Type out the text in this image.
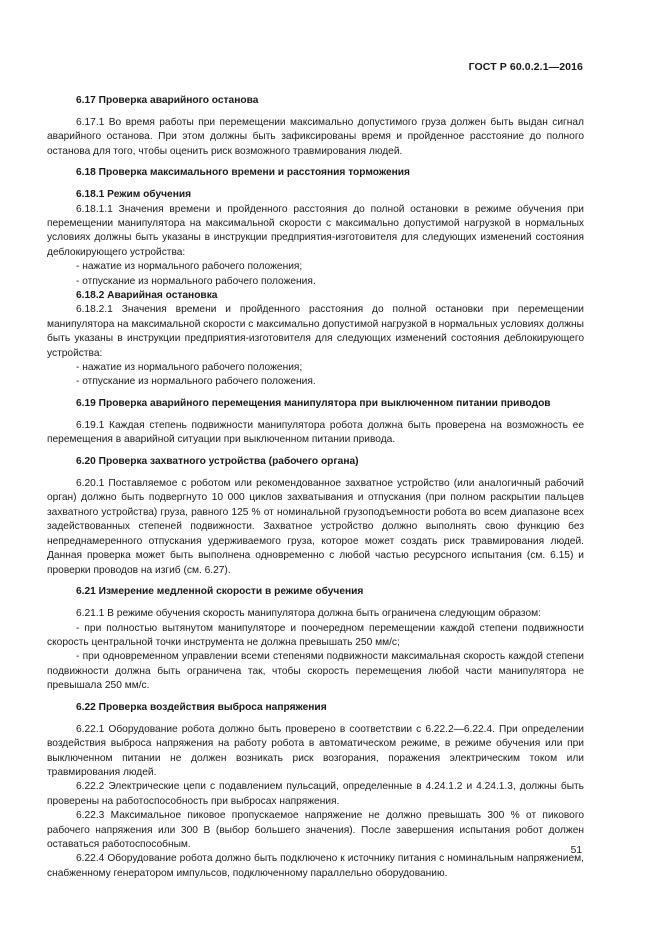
ГОСТ Р 60.0.2.1—2016

6.17 Проверка аварийного останова

6.17.1 Во время работы при перемещении максимально допустимого груза должен быть выдан сигнал аварийного останова. При этом должны быть зафиксированы время и пройденное расстояние до полного останова для того, чтобы оценить риск возможного травмирования людей.

6.18 Проверка максимального времени и расстояния торможения

6.18.1 Режим обучения

6.18.1.1 Значения времени и пройденного расстояния до полной остановки в режиме обучения при перемещении манипулятора на максимальной скорости с максимально допустимой нагрузкой в нормальных условиях должны быть указаны в инструкции предприятия-изготовителя для следующих изменений состояния деблокирующего устройства:

- нажатие из нормального рабочего положения;

- отпускание из нормального рабочего положения.

6.18.2 Аварийная остановка

6.18.2.1 Значения времени и пройденного расстояния до полной остановки при перемещении манипулятора на максимальной скорости с максимально допустимой нагрузкой в нормальных условиях должны быть указаны в инструкции предприятия-изготовителя для следующих изменений состояния деблокирующего устройства:

- нажатие из нормального рабочего положения;

- отпускание из нормального рабочего положения.

6.19 Проверка аварийного перемещения манипулятора при выключенном питании приводов

6.19.1 Каждая степень подвижности манипулятора робота должна быть проверена на возможность ее перемещения в аварийной ситуации при выключенном питании привода.

6.20 Проверка захватного устройства (рабочего органа)

6.20.1 Поставляемое с роботом или рекомендованное захватное устройство (или аналогичный рабочий орган) должно быть подвергнуто 10 000 циклов захватывания и отпускания (при полном раскрытии пальцев захватного устройства) груза, равного 125 % от номинальной грузоподъемности робота во всем диапазоне всех задействованных степеней подвижности. Захватное устройство должно выполнять свою функцию без непреднамеренного отпускания удерживаемого груза, которое может создать риск травмирования людей. Данная проверка может быть выполнена одновременно с любой частью ресурсного испытания (см. 6.15) и проверки проводов на изгиб (см. 6.27).

6.21 Измерение медленной скорости в режиме обучения

6.21.1 В режиме обучения скорость манипулятора должна быть ограничена следующим образом:

- при полностью вытянутом манипуляторе и поочередном перемещении каждой степени подвижности скорость центральной точки инструмента не должна превышать 250 мм/с;

- при одновременном управлении всеми степенями подвижности максимальная скорость каждой степени подвижности должна быть ограничена так, чтобы скорость перемещения любой части манипулятора не превышала 250 мм/с.

6.22 Проверка воздействия выброса напряжения

6.22.1 Оборудование робота должно быть проверено в соответствии с 6.22.2—6.22.4. При определении воздействия выброса напряжения на работу робота в автоматическом режиме, в режиме обучения или при выключенном питании не должен возникать риск возгорания, поражения электрическим током или травмирования людей.

6.22.2 Электрические цепи с подавлением пульсаций, определенные в 4.24.1.2 и 4.24.1.3, должны быть проверены на работоспособность при выбросах напряжения.

6.22.3 Максимальное пиковое пропускаемое напряжение не должно превышать 300 % от пикового рабочего напряжения или 300 В (выбор большего значения). После завершения испытания робот должен оставаться работоспособным.

6.22.4 Оборудование робота должно быть подключено к источнику питания с номинальным напряжением, снабженному генератором импульсов, подключенному параллельно оборудованию.

51
